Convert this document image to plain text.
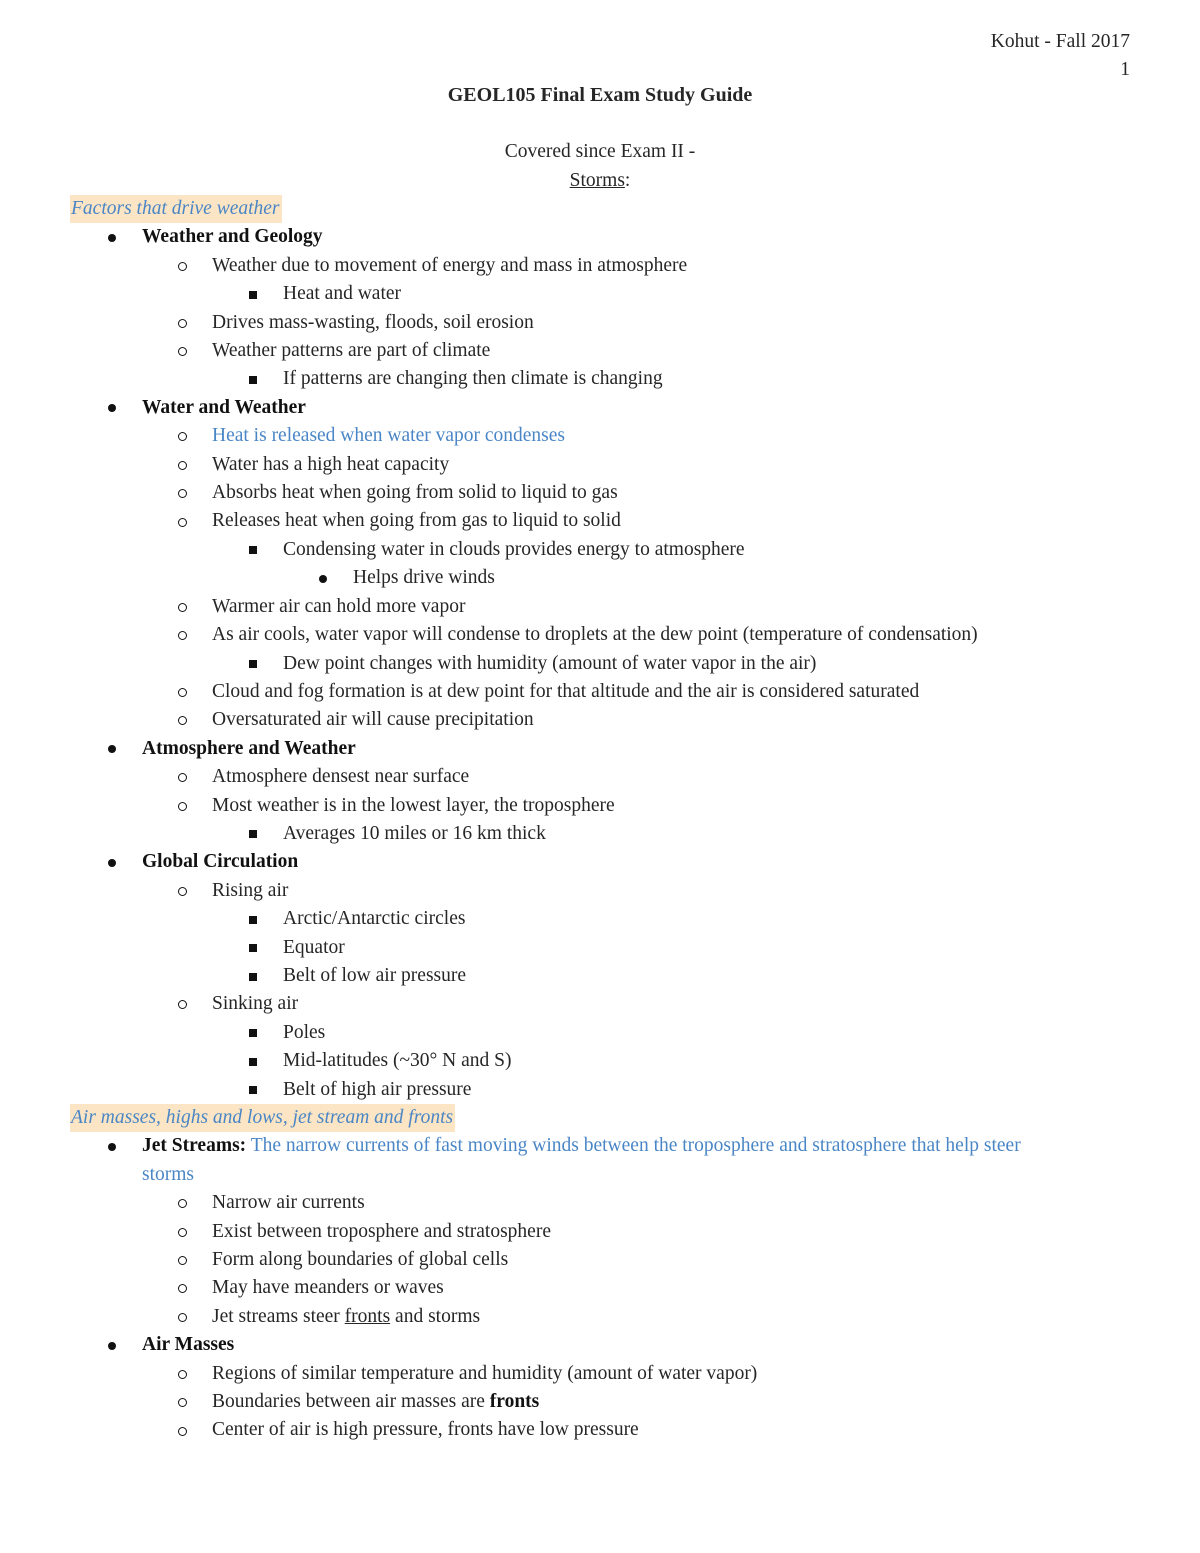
Kohut - Fall 2017
1
GEOL105 Final Exam Study Guide
Covered since Exam II -
Storms:
Factors that drive weather
Weather and Geology
Weather due to movement of energy and mass in atmosphere
Heat and water
Drives mass-wasting, floods, soil erosion
Weather patterns are part of climate
If patterns are changing then climate is changing
Water and Weather
Heat is released when water vapor condenses
Water has a high heat capacity
Absorbs heat when going from solid to liquid to gas
Releases heat when going from gas to liquid to solid
Condensing water in clouds provides energy to atmosphere
Helps drive winds
Warmer air can hold more vapor
As air cools, water vapor will condense to droplets at the dew point (temperature of condensation)
Dew point changes with humidity (amount of water vapor in the air)
Cloud and fog formation is at dew point for that altitude and the air is considered saturated
Oversaturated air will cause precipitation
Atmosphere and Weather
Atmosphere densest near surface
Most weather is in the lowest layer, the troposphere
Averages 10 miles or 16 km thick
Global Circulation
Rising air
Arctic/Antarctic circles
Equator
Belt of low air pressure
Sinking air
Poles
Mid-latitudes (~30° N and S)
Belt of high air pressure
Air masses, highs and lows, jet stream and fronts
Jet Streams: The narrow currents of fast moving winds between the troposphere and stratosphere that help steer
storms
Narrow air currents
Exist between troposphere and stratosphere
Form along boundaries of global cells
May have meanders or waves
Jet streams steer fronts and storms
Air Masses
Regions of similar temperature and humidity (amount of water vapor)
Boundaries between air masses are fronts
Center of air is high pressure, fronts have low pressure
